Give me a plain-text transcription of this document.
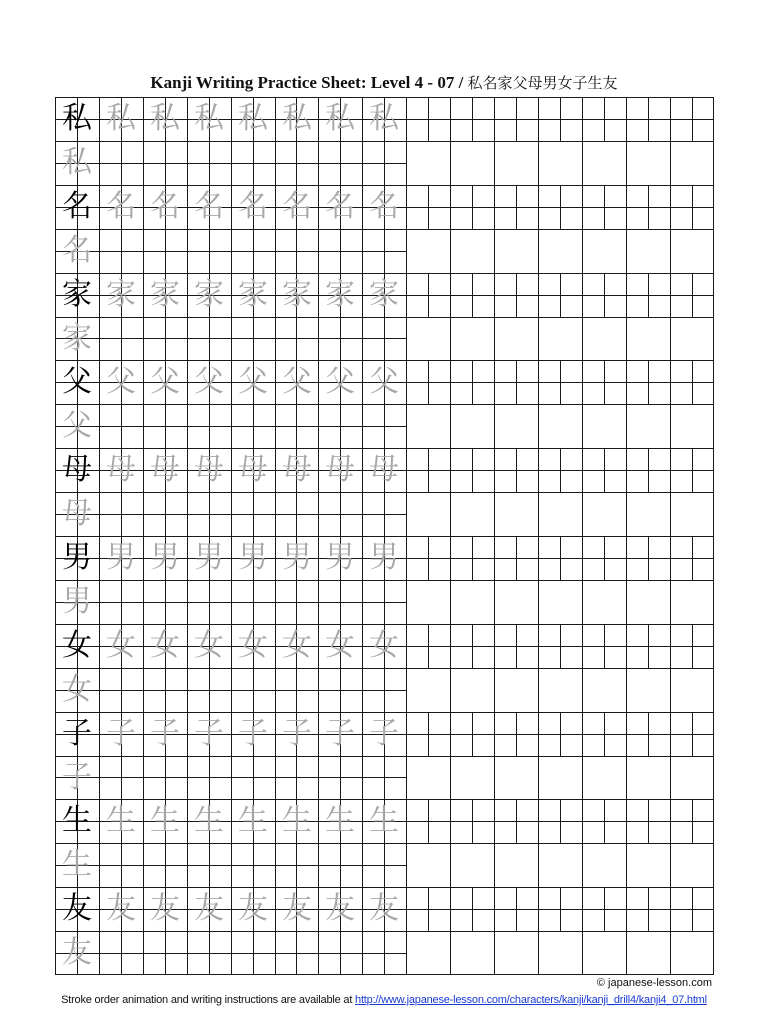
Kanji Writing Practice Sheet: Level 4 - 07 / 私名家父母男女子生友
私 私 私 私 私 私 私 私
私
名 名 名 名 名 名 名 名
名
家 家 家 家 家 家 家 家
家
父 父 父 父 父 父 父 父
父
母 母 母 母 母 母 母 母
母
男 男 男 男 男 男 男 男
男
女 女 女 女 女 女 女 女
女
子 子 子 子 子 子 子 子
子
生 生 生 生 生 生 生 生
生
友 友 友 友 友 友 友 友
友
© japanese-lesson.com
Stroke order animation and writing instructions are available at http://www.japanese-lesson.com/characters/kanji/kanji_drill4/kanji4_07.html
